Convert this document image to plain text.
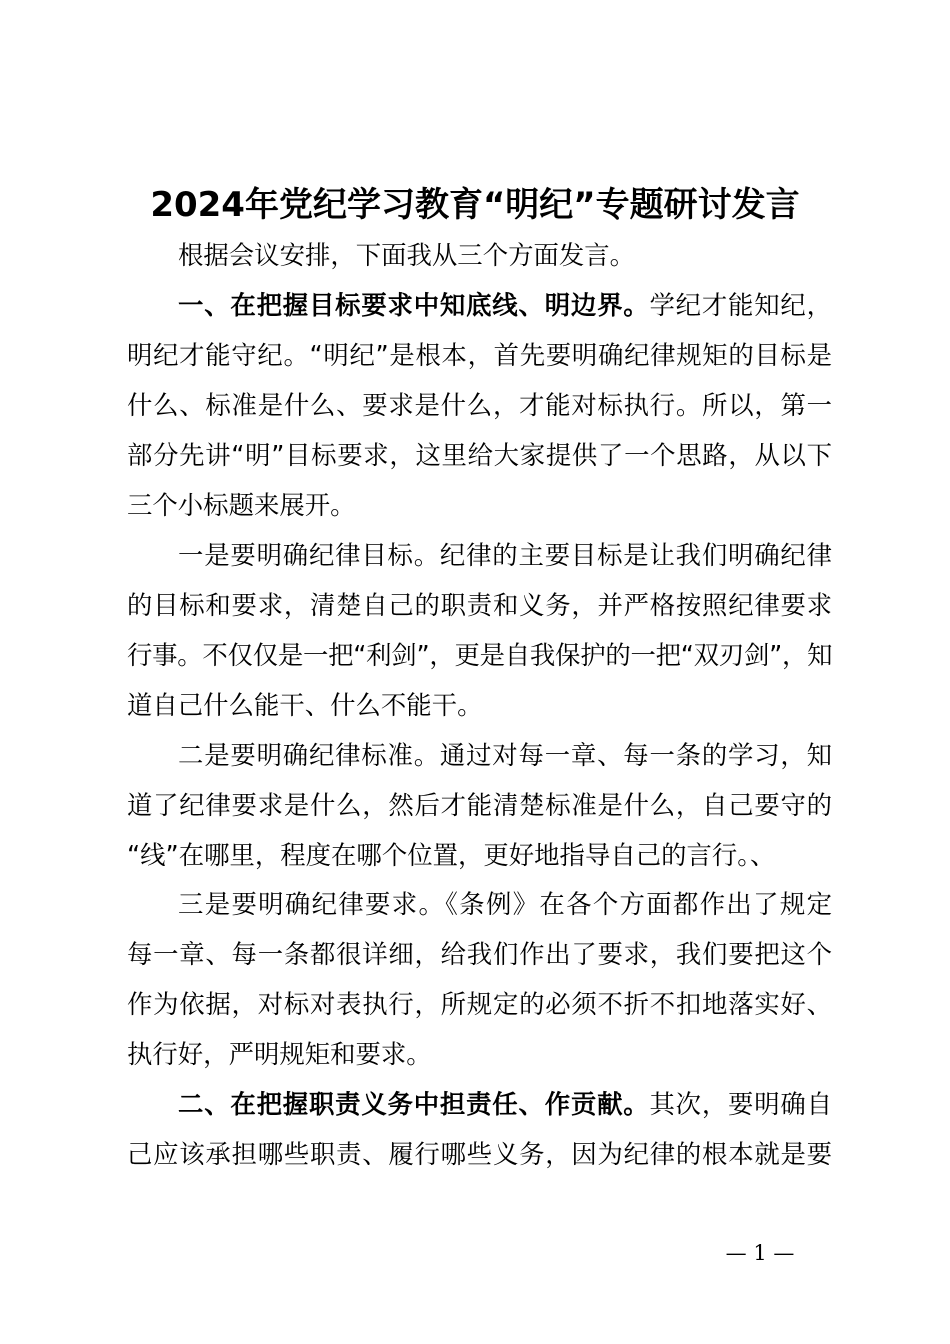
2024年党纪学习教育“明纪”专题研讨发言
根据会议安排，下面我从三个方面发言。
一、在把握目标要求中知底线、明边界。学纪才能知纪，
明纪才能守纪。“明纪”是根本，首先要明确纪律规矩的目标是
什么、标准是什么、要求是什么，才能对标执行。所以，第一
部分先讲“明”目标要求，这里给大家提供了一个思路，从以下
三个小标题来展开。
一是要明确纪律目标。纪律的主要目标是让我们明确纪律
的目标和要求，清楚自己的职责和义务，并严格按照纪律要求
行事。不仅仅是一把“利剑”，更是自我保护的一把“双刃剑”，知
道自己什么能干、什么不能干。
二是要明确纪律标准。通过对每一章、每一条的学习，知
道了纪律要求是什么，然后才能清楚标准是什么，自己要守的
“线”在哪里，程度在哪个位置，更好地指导自己的言行。、
三是要明确纪律要求。《条例》在各个方面都作出了规定
每一章、每一条都很详细，给我们作出了要求，我们要把这个
作为依据，对标对表执行，所规定的必须不折不扣地落实好、
执行好，严明规矩和要求。
二、在把握职责义务中担责任、作贡献。其次，要明确自
己应该承担哪些职责、履行哪些义务，因为纪律的根本就是要
— 1 —
